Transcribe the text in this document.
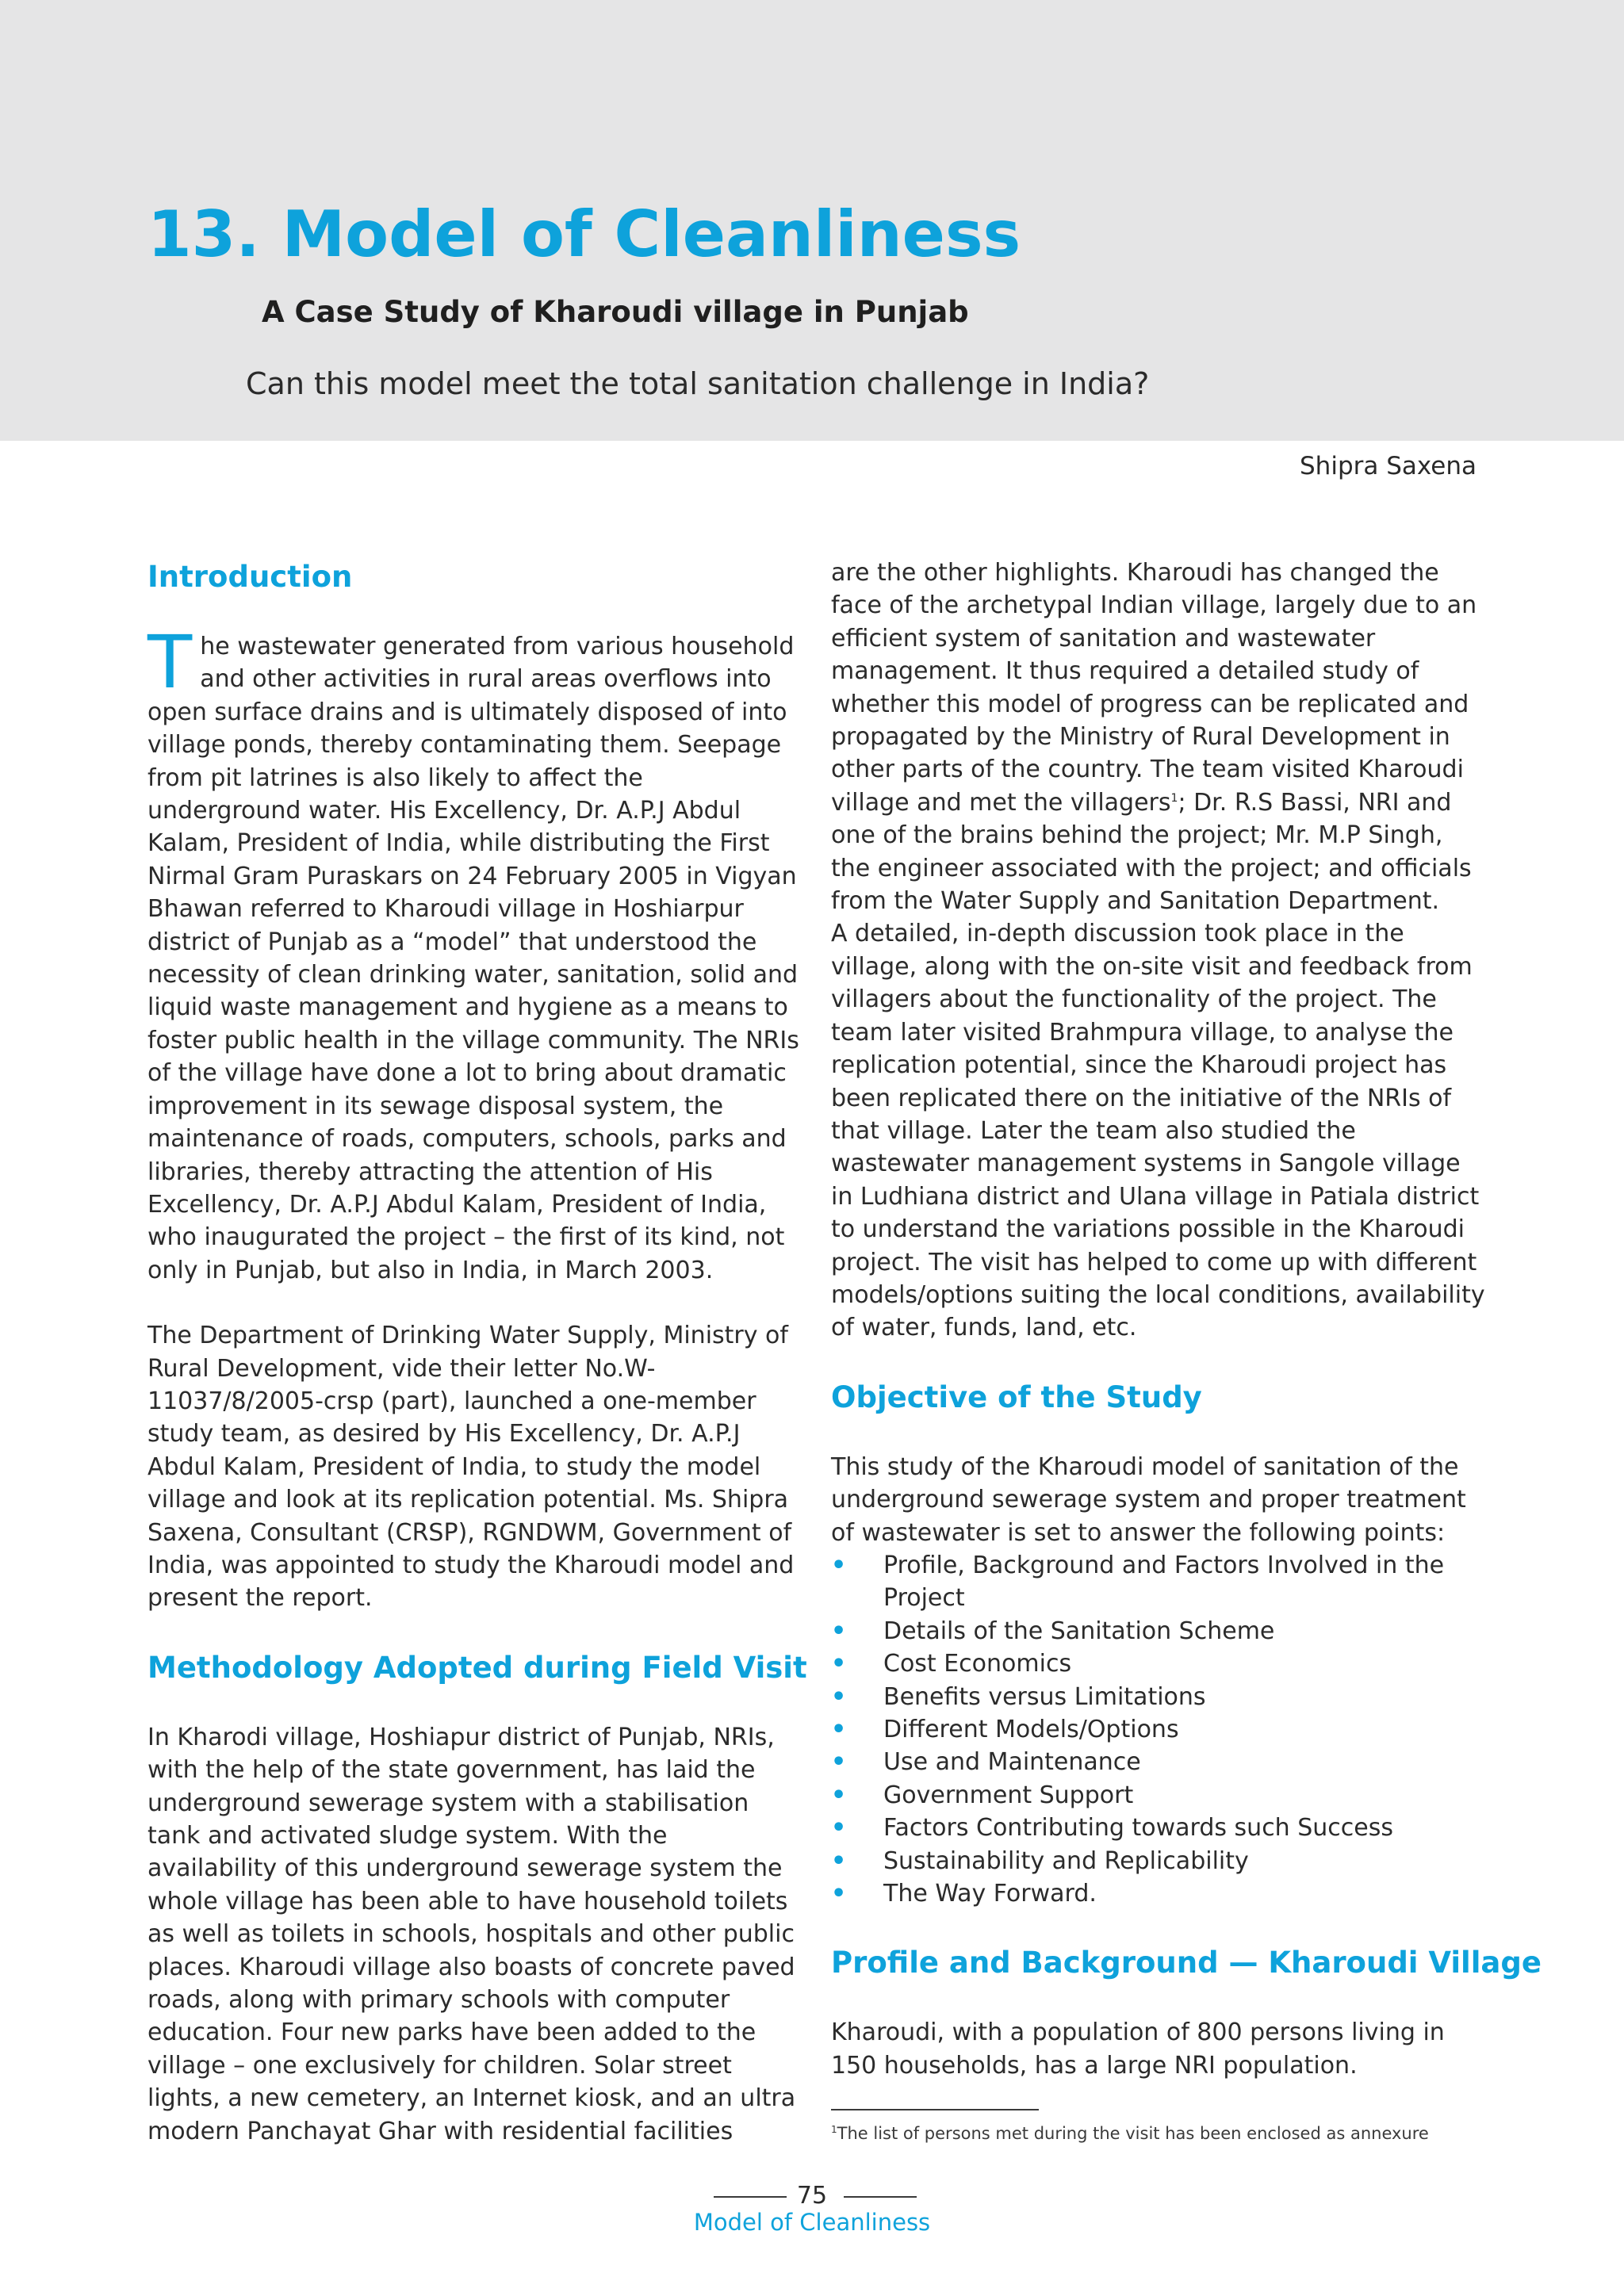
13. Model of Cleanliness
A Case Study of Kharoudi village in Punjab

Can this model meet the total sanitation challenge in India?

Shipra Saxena
Introduction

The wastewater generated from various household and other activities in rural areas overflows into open surface drains and is ultimately disposed of into village ponds, thereby contaminating them. Seepage from pit latrines is also likely to affect the underground water. His Excellency, Dr. A.P.J Abdul Kalam, President of India, while distributing the First Nirmal Gram Puraskars on 24 February 2005 in Vigyan Bhawan referred to Kharoudi village in Hoshiarpur district of Punjab as a “model” that understood the necessity of clean drinking water, sanitation, solid and liquid waste management and hygiene as a means to foster public health in the village community. The NRIs of the village have done a lot to bring about dramatic improvement in its sewage disposal system, the maintenance of roads, computers, schools, parks and libraries, thereby attracting the attention of His Excellency, Dr. A.P.J Abdul Kalam, President of India, who inaugurated the project – the first of its kind, not only in Punjab, but also in India, in March 2003.

The Department of Drinking Water Supply, Ministry of Rural Development, vide their letter No.W-11037/8/2005-crsp (part), launched a one-member study team, as desired by His Excellency, Dr. A.P.J Abdul Kalam, President of India, to study the model village and look at its replication potential. Ms. Shipra Saxena, Consultant (CRSP), RGNDWM, Government of India, was appointed to study the Kharoudi model and present the report.

Methodology Adopted during Field Visit

In Kharodi village, Hoshiapur district of Punjab, NRIs, with the help of the state government, has laid the underground sewerage system with a stabilisation tank and activated sludge system. With the availability of this underground sewerage system the whole village has been able to have household toilets as well as toilets in schools, hospitals and other public places. Kharoudi village also boasts of concrete paved roads, along with primary schools with computer education. Four new parks have been added to the village – one exclusively for children. Solar street lights, a new cemetery, an Internet kiosk, and an ultra modern Panchayat Ghar with residential facilities

are the other highlights. Kharoudi has changed the face of the archetypal Indian village, largely due to an efficient system of sanitation and wastewater management. It thus required a detailed study of whether this model of progress can be replicated and propagated by the Ministry of Rural Development in other parts of the country. The team visited Kharoudi village and met the villagers$^1$; Dr. R.S Bassi, NRI and one of the brains behind the project; Mr. M.P Singh, the engineer associated with the project; and officials from the Water Supply and Sanitation Department.

A detailed, in-depth discussion took place in the village, along with the on-site visit and feedback from villagers about the functionality of the project. The team later visited Brahmpura village, to analyse the replication potential, since the Kharoudi project has been replicated there on the initiative of the NRIs of that village. Later the team also studied the wastewater management systems in Sangole village in Ludhiana district and Ulana village in Patiala district to understand the variations possible in the Kharoudi project. The visit has helped to come up with different models/options suiting the local conditions, availability of water, funds, land, etc.

Objective of the Study

This study of the Kharoudi model of sanitation of the underground sewerage system and proper treatment of wastewater is set to answer the following points:

• Profile, Background and Factors Involved in the Project
• Details of the Sanitation Scheme
• Cost Economics
• Benefits versus Limitations
• Different Models/Options
• Use and Maintenance
• Government Support
• Factors Contributing towards such Success
• Sustainability and Replicability
• The Way Forward.
Profile and Background — Kharoudi Village

Kharoudi, with a population of 800 persons living in 150 households, has a large NRI population.

$^1$The list of persons met during the visit has been enclosed as annexure
75
Model of Cleanliness
